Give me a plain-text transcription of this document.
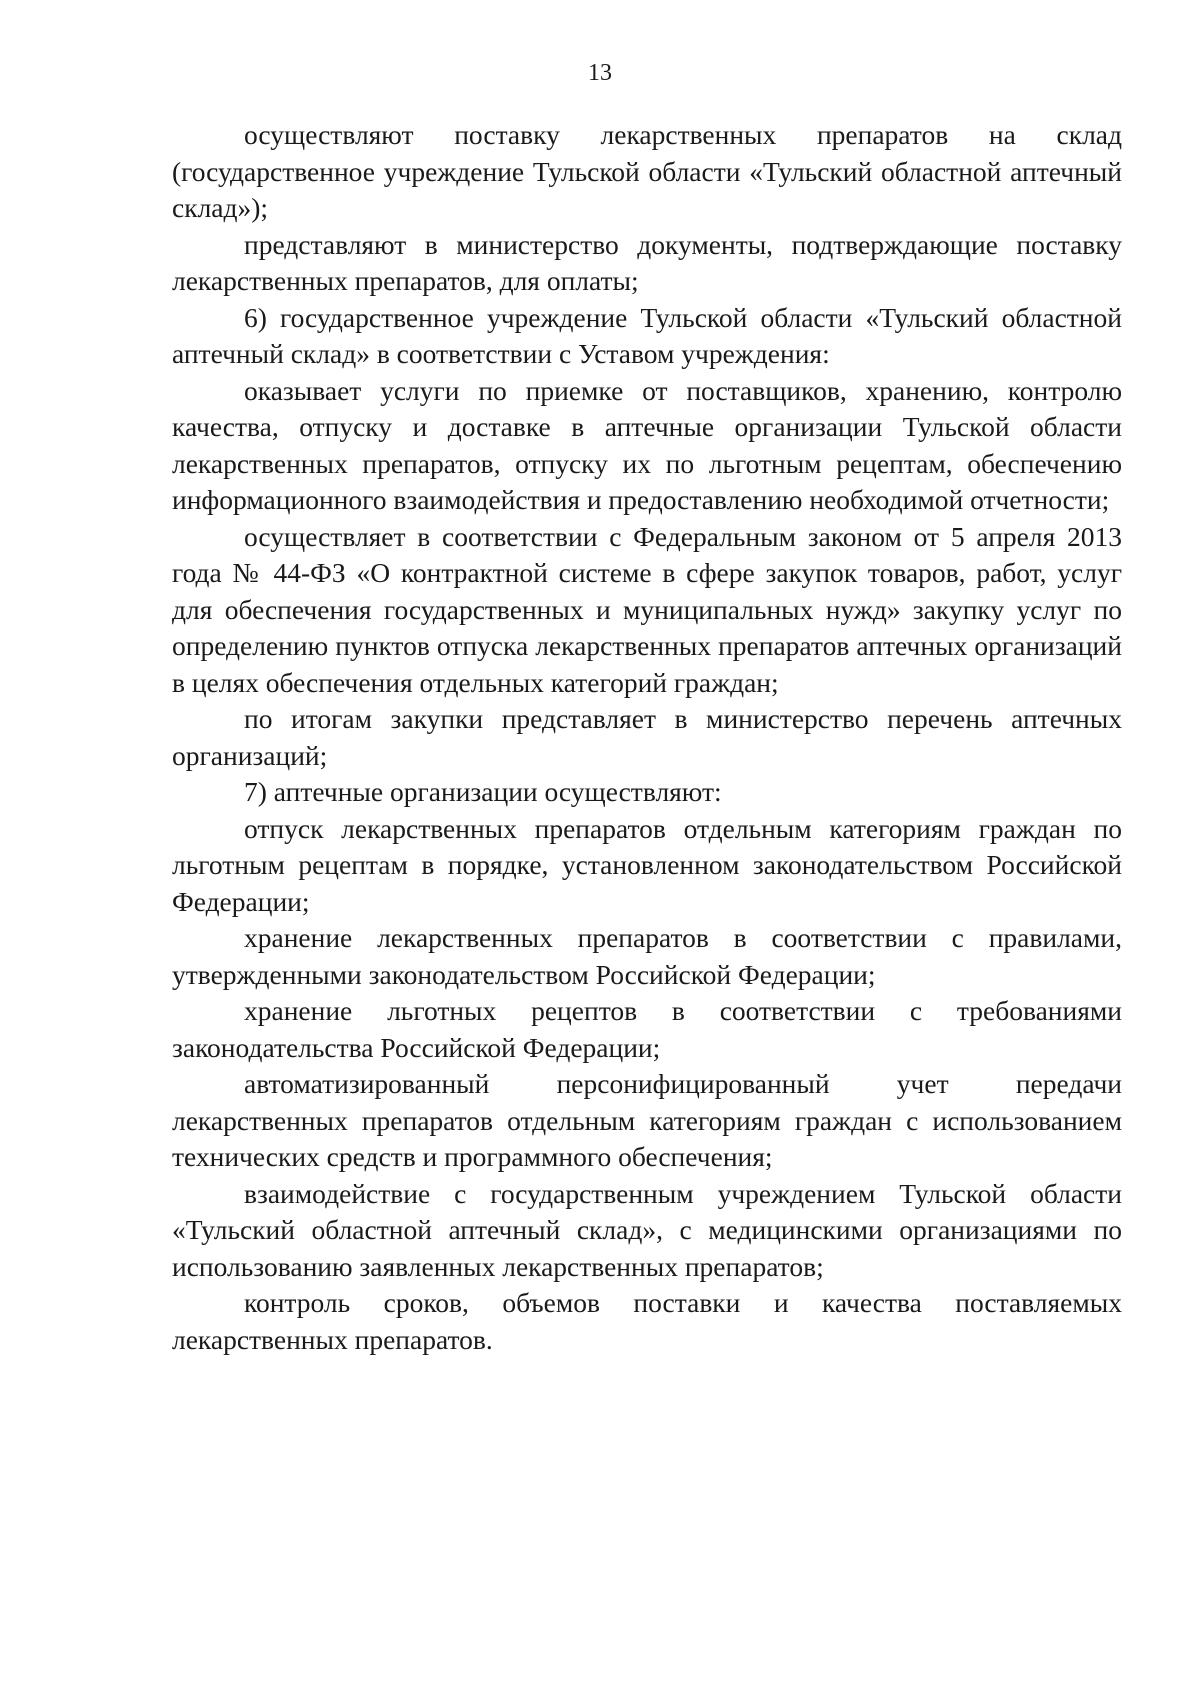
13

осуществляют поставку лекарственных препаратов на склад (государственное учреждение Тульской области «Тульский областной аптечный склад»);

представляют в министерство документы, подтверждающие поставку лекарственных препаратов, для оплаты;

6) государственное учреждение Тульской области «Тульский областной аптечный склад» в соответствии с Уставом учреждения:

оказывает услуги по приемке от поставщиков, хранению, контролю качества, отпуску и доставке в аптечные организации Тульской области лекарственных препаратов, отпуску их по льготным рецептам, обеспечению информационного взаимодействия и предоставлению необходимой отчетности;

осуществляет в соответствии с Федеральным законом от 5 апреля 2013 года № 44-ФЗ «О контрактной системе в сфере закупок товаров, работ, услуг для обеспечения государственных и муниципальных нужд» закупку услуг по определению пунктов отпуска лекарственных препаратов аптечных организаций в целях обеспечения отдельных категорий граждан;

по итогам закупки представляет в министерство перечень аптечных организаций;

7) аптечные организации осуществляют:

отпуск лекарственных препаратов отдельным категориям граждан по льготным рецептам в порядке, установленном законодательством Российской Федерации;

хранение лекарственных препаратов в соответствии с правилами, утвержденными законодательством Российской Федерации;

хранение льготных рецептов в соответствии с требованиями законодательства Российской Федерации;

автоматизированный персонифицированный учет передачи лекарственных препаратов отдельным категориям граждан с использованием технических средств и программного обеспечения;

взаимодействие с государственным учреждением Тульской области «Тульский областной аптечный склад», с медицинскими организациями по использованию заявленных лекарственных препаратов;

контроль сроков, объемов поставки и качества поставляемых лекарственных препаратов.
